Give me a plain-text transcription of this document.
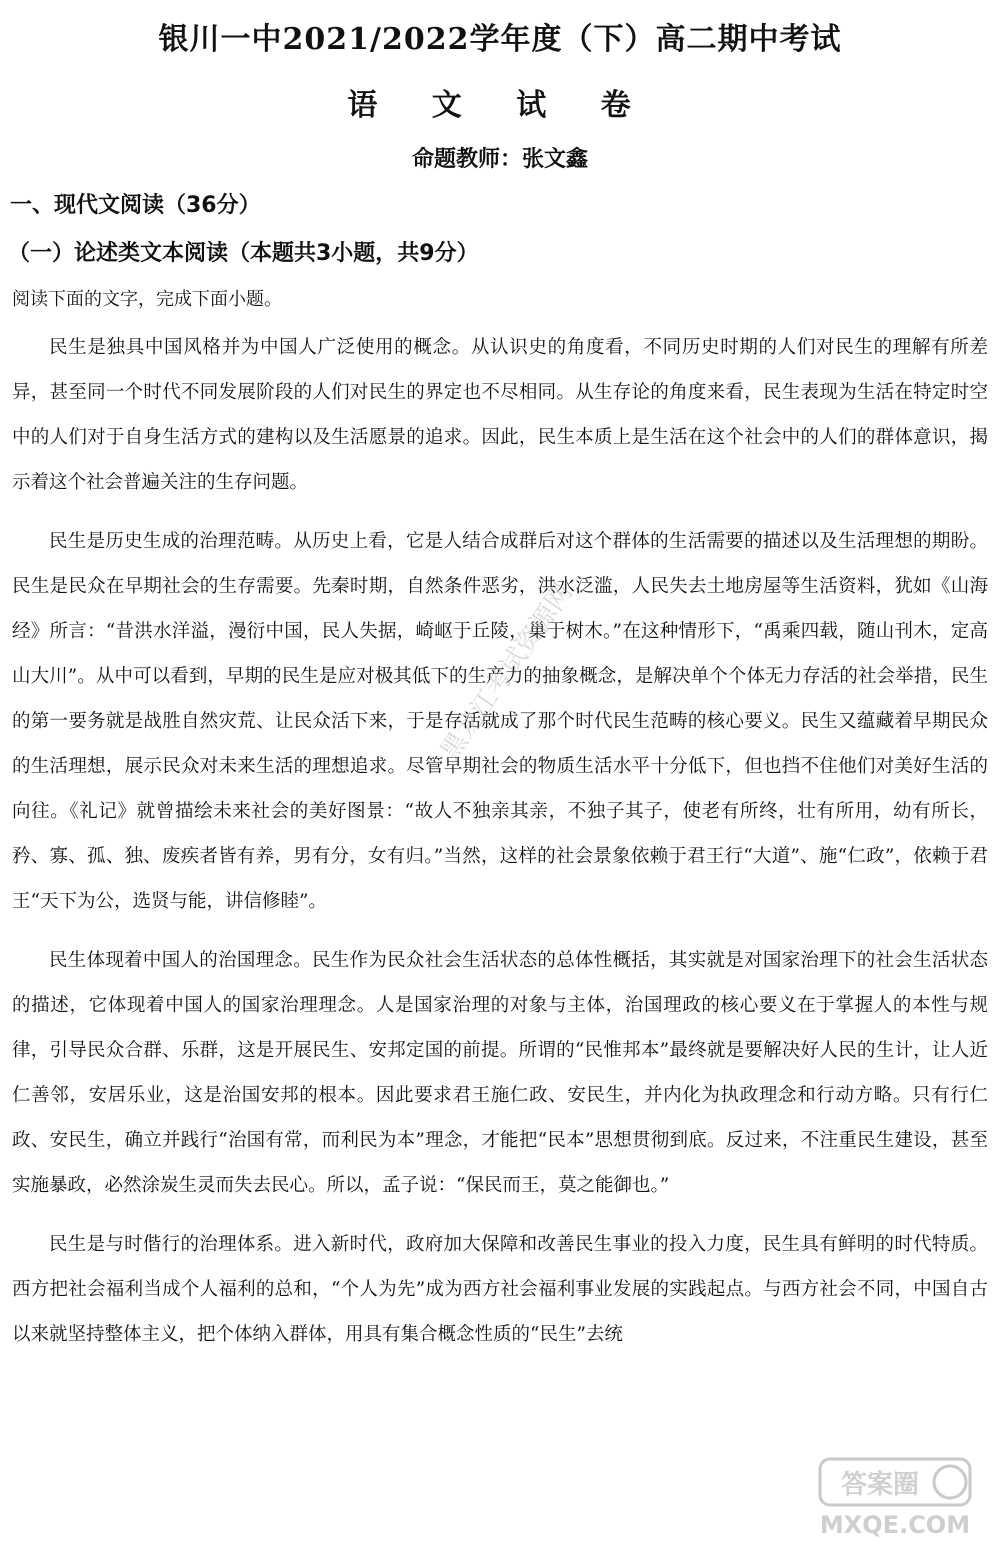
银川一中2021/2022学年度（下）高二期中考试
语 文 试 卷

命题教师：张文鑫

一、现代文阅读（36分）
（一）论述类文本阅读（本题共3小题，共9分）

阅读下面的文字，完成下面小题。

民生是独具中国风格并为中国人广泛使用的概念。从认识史的角度看，不同历史时期的人们对民生的理解有所差异，甚至同一个时代不同发展阶段的人们对民生的界定也不尽相同。从生存论的角度来看，民生表现为生活在特定时空中的人们对于自身生活方式的建构以及生活愿景的追求。因此，民生本质上是生活在这个社会中的人们的群体意识，揭示着这个社会普遍关注的生存问题。

民生是历史生成的治理范畴。从历史上看，它是人结合成群后对这个群体的生活需要的描述以及生活理想的期盼。民生是民众在早期社会的生存需要。先秦时期，自然条件恶劣，洪水泛滥，人民失去土地房屋等生活资料，犹如《山海经》所言：“昔洪水洋溢，漫衍中国，民人失据，崎岖于丘陵，巢于树木。”在这种情形下，“禹乘四载，随山刊木，定高山大川”。从中可以看到，早期的民生是应对极其低下的生产力的抽象概念，是解决单个个体无力存活的社会举措，民生的第一要务就是战胜自然灾荒、让民众活下来，于是存活就成了那个时代民生范畴的核心要义。民生又蕴藏着早期民众的生活理想，展示民众对未来生活的理想追求。尽管早期社会的物质生活水平十分低下，但也挡不住他们对美好生活的向往。《礼记》就曾描绘未来社会的美好图景：“故人不独亲其亲，不独子其子，使老有所终，壮有所用，幼有所长，矜、寡、孤、独、废疾者皆有养，男有分，女有归。”当然，这样的社会景象依赖于君王行“大道”、施“仁政”，依赖于君王“天下为公，选贤与能，讲信修睦”。

民生体现着中国人的治国理念。民生作为民众社会生活状态的总体性概括，其实就是对国家治理下的社会生活状态的描述，它体现着中国人的国家治理理念。人是国家治理的对象与主体，治国理政的核心要义在于掌握人的本性与规律，引导民众合群、乐群，这是开展民生、安邦定国的前提。所谓的“民惟邦本”最终就是要解决好人民的生计，让人近仁善邻，安居乐业，这是治国安邦的根本。因此要求君王施仁政、安民生，并内化为执政理念和行动方略。只有行仁政、安民生，确立并践行“治国有常，而利民为本”理念，才能把“民本”思想贯彻到底。反过来，不注重民生建设，甚至实施暴政，必然涂炭生灵而失去民心。所以，孟子说：“保民而王，莫之能御也。”

民生是与时偕行的治理体系。进入新时代，政府加大保障和改善民生事业的投入力度，民生具有鲜明的时代特质。西方把社会福利当成个人福利的总和，“个人为先”成为西方社会福利事业发展的实践起点。与西方社会不同，中国自古以来就坚持整体主义，把个体纳入群体，用具有集合概念性质的“民生”去统

黑龙江考试资源网
答案圈
MXQE.COM
